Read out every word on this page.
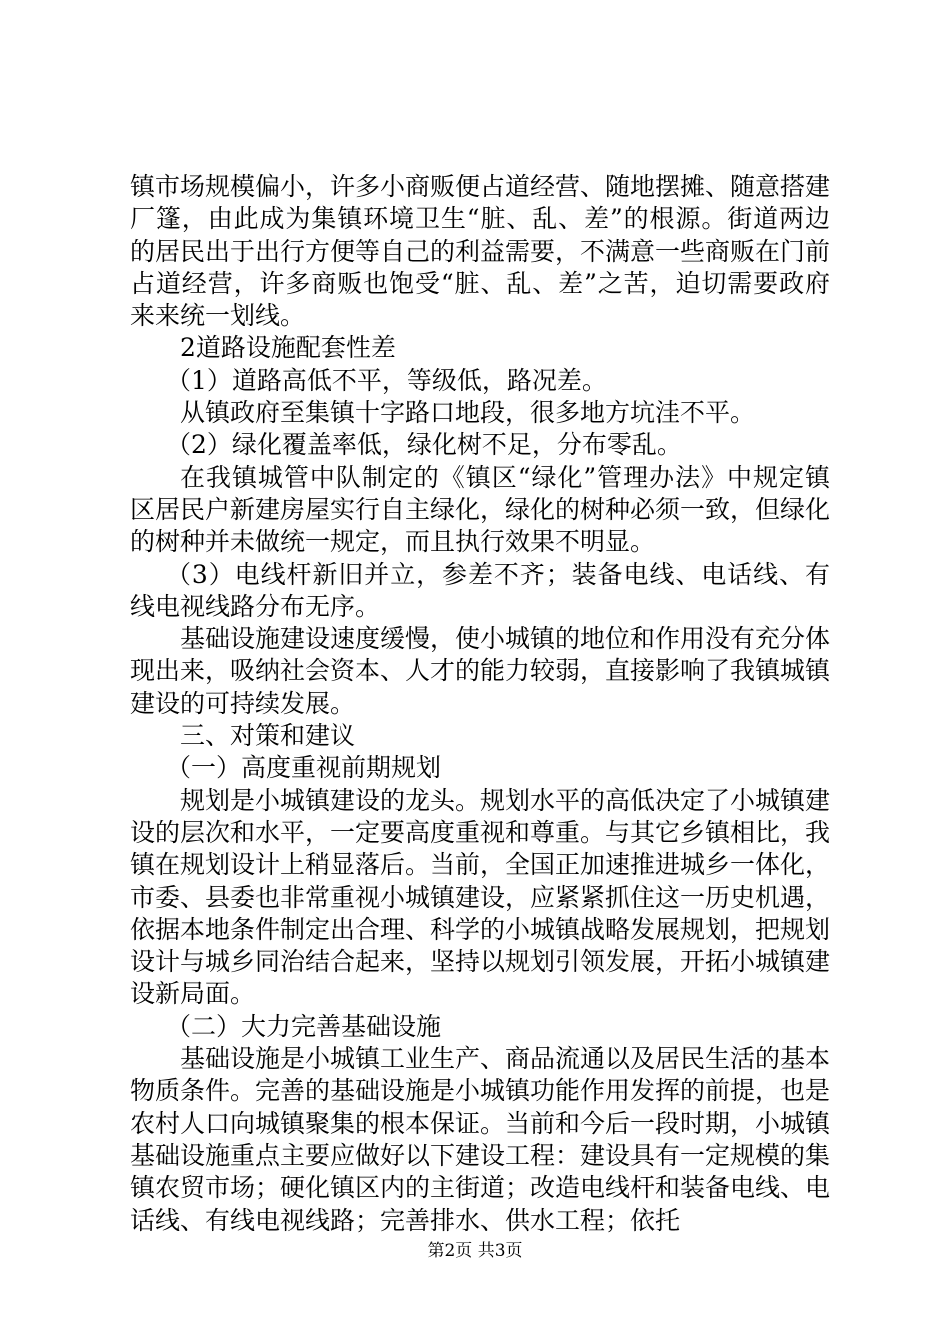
镇市场规模偏小，许多小商贩便占道经营、随地摆摊、随意搭建厂篷，由此成为集镇环境卫生“脏、乱、差”的根源。街道两边的居民出于出行方便等自己的利益需要，不满意一些商贩在门前占道经营，许多商贩也饱受“脏、乱、差”之苦，迫切需要政府来来统一划线。

2道路设施配套性差

（1）道路高低不平，等级低，路况差。

从镇政府至集镇十字路口地段，很多地方坑洼不平。

（2）绿化覆盖率低，绿化树不足，分布零乱。

在我镇城管中队制定的《镇区“绿化”管理办法》中规定镇区居民户新建房屋实行自主绿化，绿化的树种必须一致，但绿化的树种并未做统一规定，而且执行效果不明显。

（3）电线杆新旧并立，参差不齐；装备电线、电话线、有线电视线路分布无序。

基础设施建设速度缓慢，使小城镇的地位和作用没有充分体现出来，吸纳社会资本、人才的能力较弱，直接影响了我镇城镇建设的可持续发展。

三、对策和建议

（一）高度重视前期规划

规划是小城镇建设的龙头。规划水平的高低决定了小城镇建设的层次和水平，一定要高度重视和尊重。与其它乡镇相比，我镇在规划设计上稍显落后。当前，全国正加速推进城乡一体化，市委、县委也非常重视小城镇建设，应紧紧抓住这一历史机遇，依据本地条件制定出合理、科学的小城镇战略发展规划，把规划设计与城乡同治结合起来，坚持以规划引领发展，开拓小城镇建设新局面。

（二）大力完善基础设施

基础设施是小城镇工业生产、商品流通以及居民生活的基本物质条件。完善的基础设施是小城镇功能作用发挥的前提，也是农村人口向城镇聚集的根本保证。当前和今后一段时期，小城镇基础设施重点主要应做好以下建设工程：建设具有一定规模的集镇农贸市场；硬化镇区内的主街道；改造电线杆和装备电线、电话线、有线电视线路；完善排水、供水工程；依托

第2页 共3页
